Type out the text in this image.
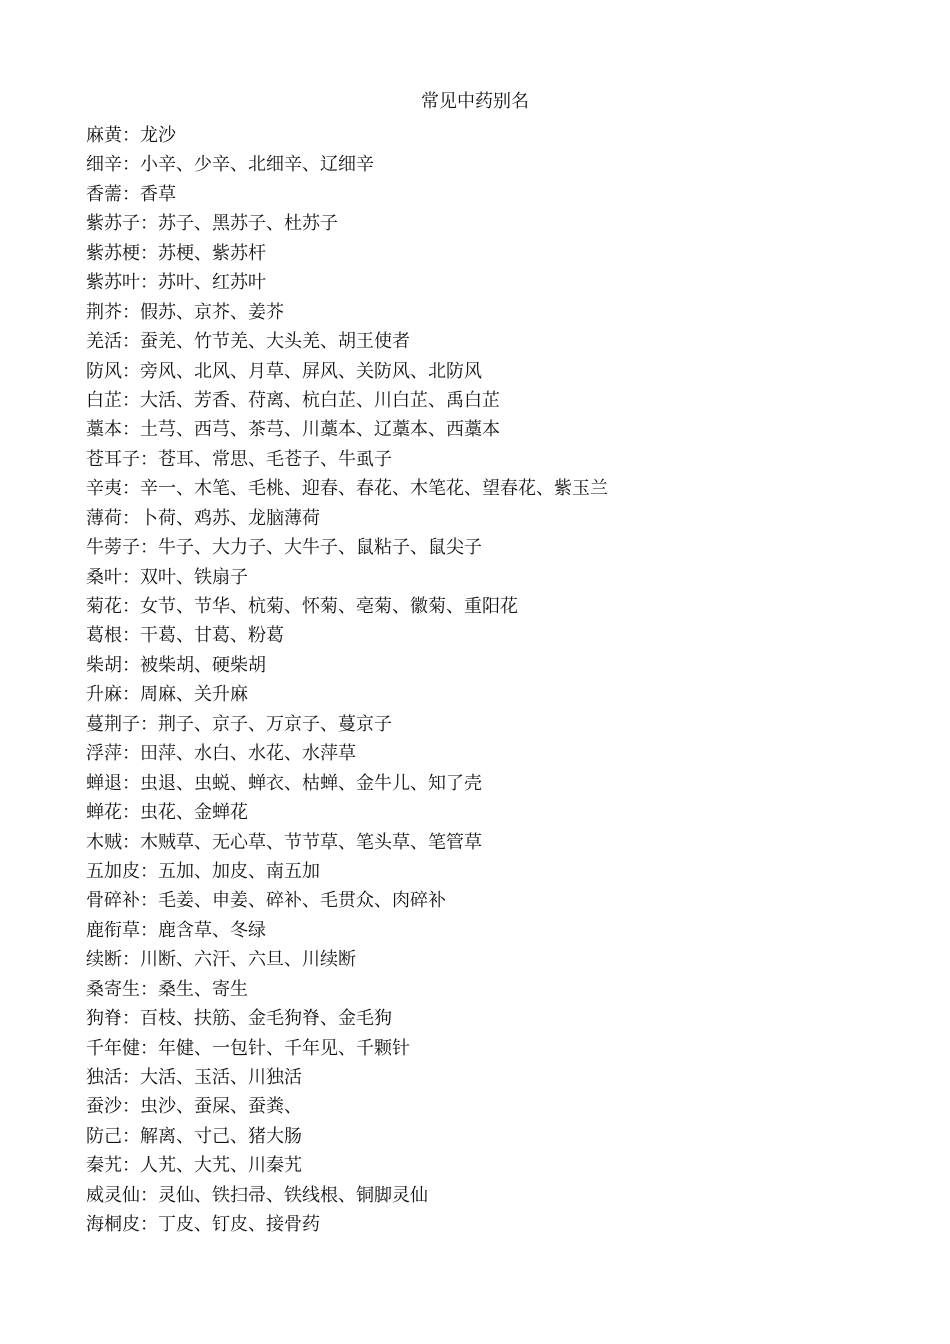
常见中药别名
麻黄：龙沙
细辛：小辛、少辛、北细辛、辽细辛
香薷：香草
紫苏子：苏子、黑苏子、杜苏子
紫苏梗：苏梗、紫苏杆
紫苏叶：苏叶、红苏叶
荆芥：假苏、京芥、姜芥
羌活：蚕羌、竹节羌、大头羌、胡王使者
防风：旁风、北风、月草、屏风、关防风、北防风
白芷：大活、芳香、苻离、杭白芷、川白芷、禹白芷
藁本：土芎、西芎、茶芎、川藁本、辽藁本、西藁本
苍耳子：苍耳、常思、毛苍子、牛虱子
辛夷：辛一、木笔、毛桃、迎春、春花、木笔花、望春花、紫玉兰
薄荷：卜荷、鸡苏、龙脑薄荷
牛蒡子：牛子、大力子、大牛子、鼠粘子、鼠尖子
桑叶：双叶、铁扇子
菊花：女节、节华、杭菊、怀菊、亳菊、徽菊、重阳花
葛根：干葛、甘葛、粉葛
柴胡：被柴胡、硬柴胡
升麻：周麻、关升麻
蔓荆子：荆子、京子、万京子、蔓京子
浮萍：田萍、水白、水花、水萍草
蝉退：虫退、虫蜕、蝉衣、枯蝉、金牛儿、知了壳
蝉花：虫花、金蝉花
木贼：木贼草、无心草、节节草、笔头草、笔管草
五加皮：五加、加皮、南五加
骨碎补：毛姜、申姜、碎补、毛贯众、肉碎补
鹿衔草：鹿含草、冬绿
续断：川断、六汗、六旦、川续断
桑寄生：桑生、寄生
狗脊：百枝、扶筋、金毛狗脊、金毛狗
千年健：年健、一包针、千年见、千颗针
独活：大活、玉活、川独活
蚕沙：虫沙、蚕屎、蚕粪、
防己：解离、寸己、猪大肠
秦艽：人艽、大艽、川秦艽
威灵仙：灵仙、铁扫帚、铁线根、铜脚灵仙
海桐皮：丁皮、钉皮、接骨药
